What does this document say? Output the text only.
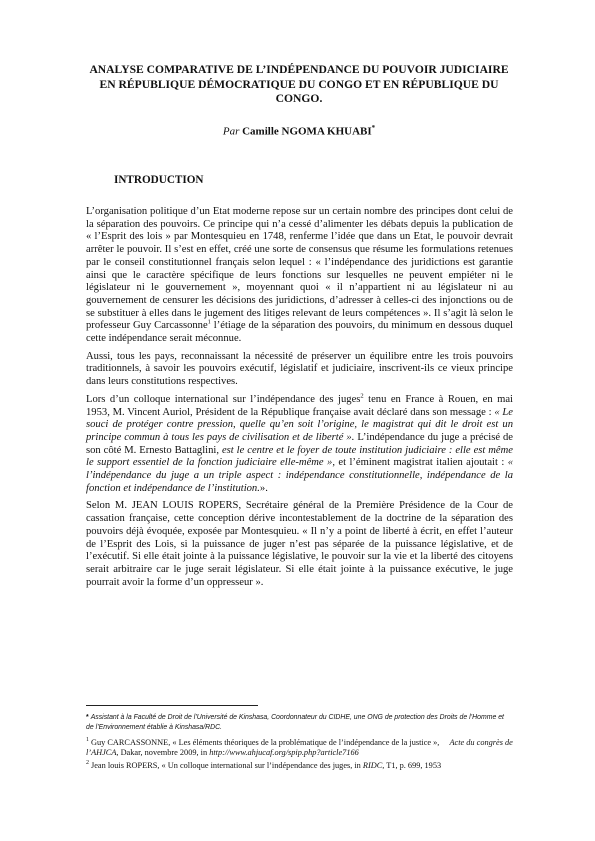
ANALYSE COMPARATIVE DE L’INDÉPENDANCE DU POUVOIR JUDICIAIRE EN RÉPUBLIQUE DÉMOCRATIQUE DU CONGO ET EN RÉPUBLIQUE DU CONGO.
Par Camille NGOMA KHUABI*
INTRODUCTION

L’organisation politique d’un Etat moderne repose sur un certain nombre des principes dont celui de la séparation des pouvoirs. Ce principe qui n’a cessé d’alimenter les débats depuis la publication de « l’Esprit des lois » par Montesquieu en 1748, renferme l’idée que dans un Etat, le pouvoir devrait arrêter le pouvoir. Il s’est en effet, créé une sorte de consensus que résume les formulations retenues par le conseil constitutionnel français selon lequel : « l’indépendance des juridictions est garantie ainsi que le caractère spécifique de leurs fonctions sur lesquelles ne peuvent empiéter ni le législateur ni le gouvernement », moyennant quoi « il n’appartient ni au législateur ni au gouvernement de censurer les décisions des juridictions, d’adresser à celles-ci des injonctions ou de se substituer à elles dans le jugement des litiges relevant de leurs compétences ». Il s’agit là selon le professeur Guy Carcassonne$^1$ l’étiage de la séparation des pouvoirs, du minimum en dessous duquel cette indépendance serait méconnue.

Aussi, tous les pays, reconnaissant la nécessité de préserver un équilibre entre les trois pouvoirs traditionnels, à savoir les pouvoirs exécutif, législatif et judiciaire, inscrivent-ils ce vieux principe dans leurs constitutions respectives.

Lors d’un colloque international sur l’indépendance des juges$^2$ tenu en France à Rouen, en mai 1953, M. Vincent Auriol, Président de la République française avait déclaré dans son message : « Le souci de protéger contre pression, quelle qu’en soit l’origine, le magistrat qui dit le droit est un principe commun à tous les pays de civilisation et de liberté ». L’indépendance du juge a précisé de son côté M. Ernesto Battaglini, est le centre et le foyer de toute institution judiciaire : elle est même le support essentiel de la fonction judiciaire elle-même », et l’éminent magistrat italien ajoutait : « l’indépendance du juge a un triple aspect : indépendance constitutionnelle, indépendance de la fonction et indépendance de l’institution.».

Selon M. JEAN LOUIS ROPERS, Secrétaire général de la Première Présidence de la Cour de cassation française, cette conception dérive incontestablement de la doctrine de la séparation des pouvoirs déjà évoquée, exposée par Montesquieu. « Il n’y a point de liberté à écrit, en effet l’auteur de l’Esprit des Lois, si la puissance de juger n’est pas séparée de la puissance législative, et de l’exécutif. Si elle était jointe à la puissance législative, le pouvoir sur la vie et la liberté des citoyens serait arbitraire car le juge serait législateur. Si elle était jointe à la puissance exécutive, le juge pourrait avoir la forme d’un oppresseur ».

* Assistant à la Faculté de Droit de l’Université de Kinshasa, Coordonnateur du CIDHE, une ONG de protection des Droits de l’Homme et de l’Environnement établie à Kinshasa/RDC.

$^1$ Guy CARCASSONNE, « Les éléments théoriques de la problématique de l’indépendance de la justice », Acte du congrès de l’AHJCA, Dakar, novembre 2009, in http://www.ahjucaf.org/spip.php?article7166

$^2$ Jean louis ROPERS, « Un colloque international sur l’indépendance des juges, in RIDC, T1, p. 699, 1953
